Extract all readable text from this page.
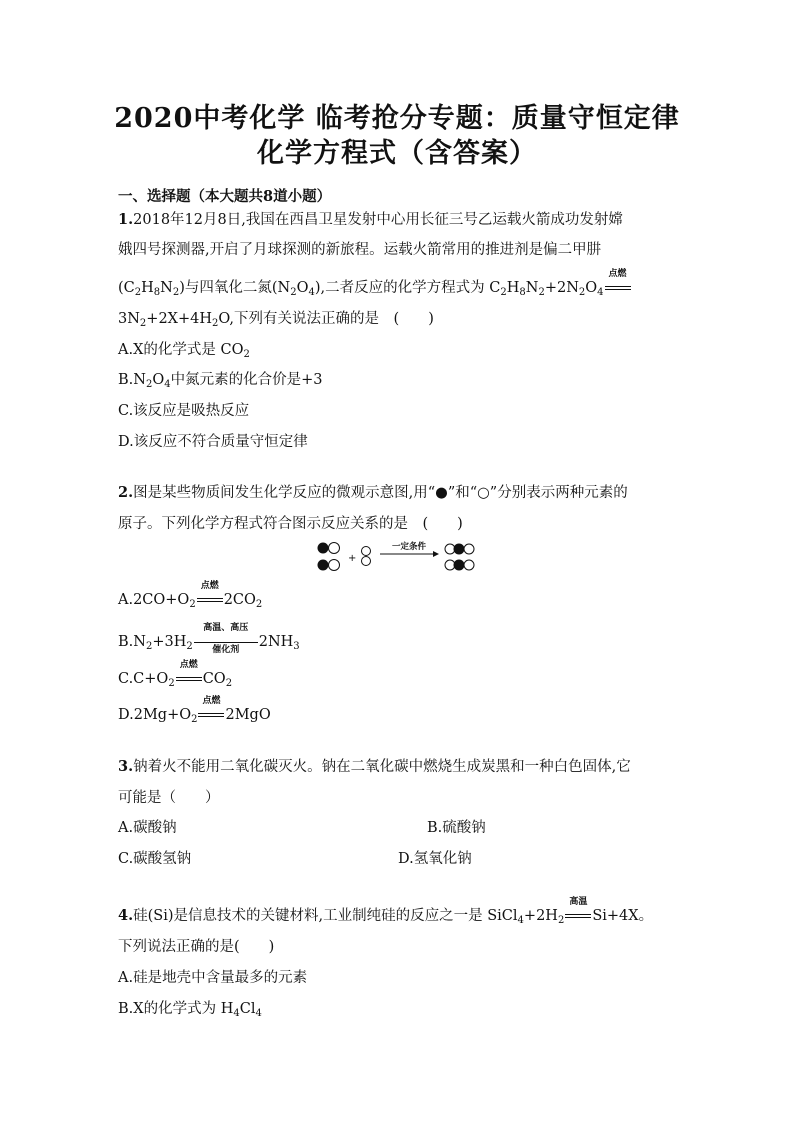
2020中考化学 临考抢分专题：质量守恒定律
化学方程式（含答案）
一、选择题（本大题共8道小题）
1.2018年12月8日,我国在西昌卫星发射中心用长征三号乙运载火箭成功发射嫦
娥四号探测器,开启了月球探测的新旅程。运载火箭常用的推进剂是偏二甲肼
$(C_2H_8N_2)$与四氧化二氮$(N_2O_4)$,二者反应的化学方程式为 $C_2H_8N_2+2N_2O_4$
点燃
$3N_2+2X+4H_2O$,下列有关说法正确的是　(　　)
A.X的化学式是 $CO_2$
$B.N_2O_4$中氮元素的化合价是+3
C.该反应是吸热反应
D.该反应不符合质量守恒定律
2.图是某些物质间发生化学反应的微观示意图,用“●”和“○”分别表示两种元素的
原子。下列化学方程式符合图示反应关系的是　(　　)
+
一定条件
$A.2CO+O_2$
点燃
$2CO_2$
$B.N_2+3H_2$
高温、高压
催化剂	$2NH_3$
$C.C+O_2$
点燃
$CO_2$
$D.2Mg+O_2$
点燃
2MgO
3.钠着火不能用二氧化碳灭火。钠在二氧化碳中燃烧生成炭黑和一种白色固体,它
可能是（　　）
A.碳酸钠	B.硫酸钠
C.碳酸氢钠	D.氢氧化钠
4.硅(Si)是信息技术的关键材料,工业制纯硅的反应之一是 $SiCl_4+2H_2$
高温
Si+4X。
下列说法正确的是(　　)
A.硅是地壳中含量最多的元素
B.X的化学式为 $H_4Cl_4$
